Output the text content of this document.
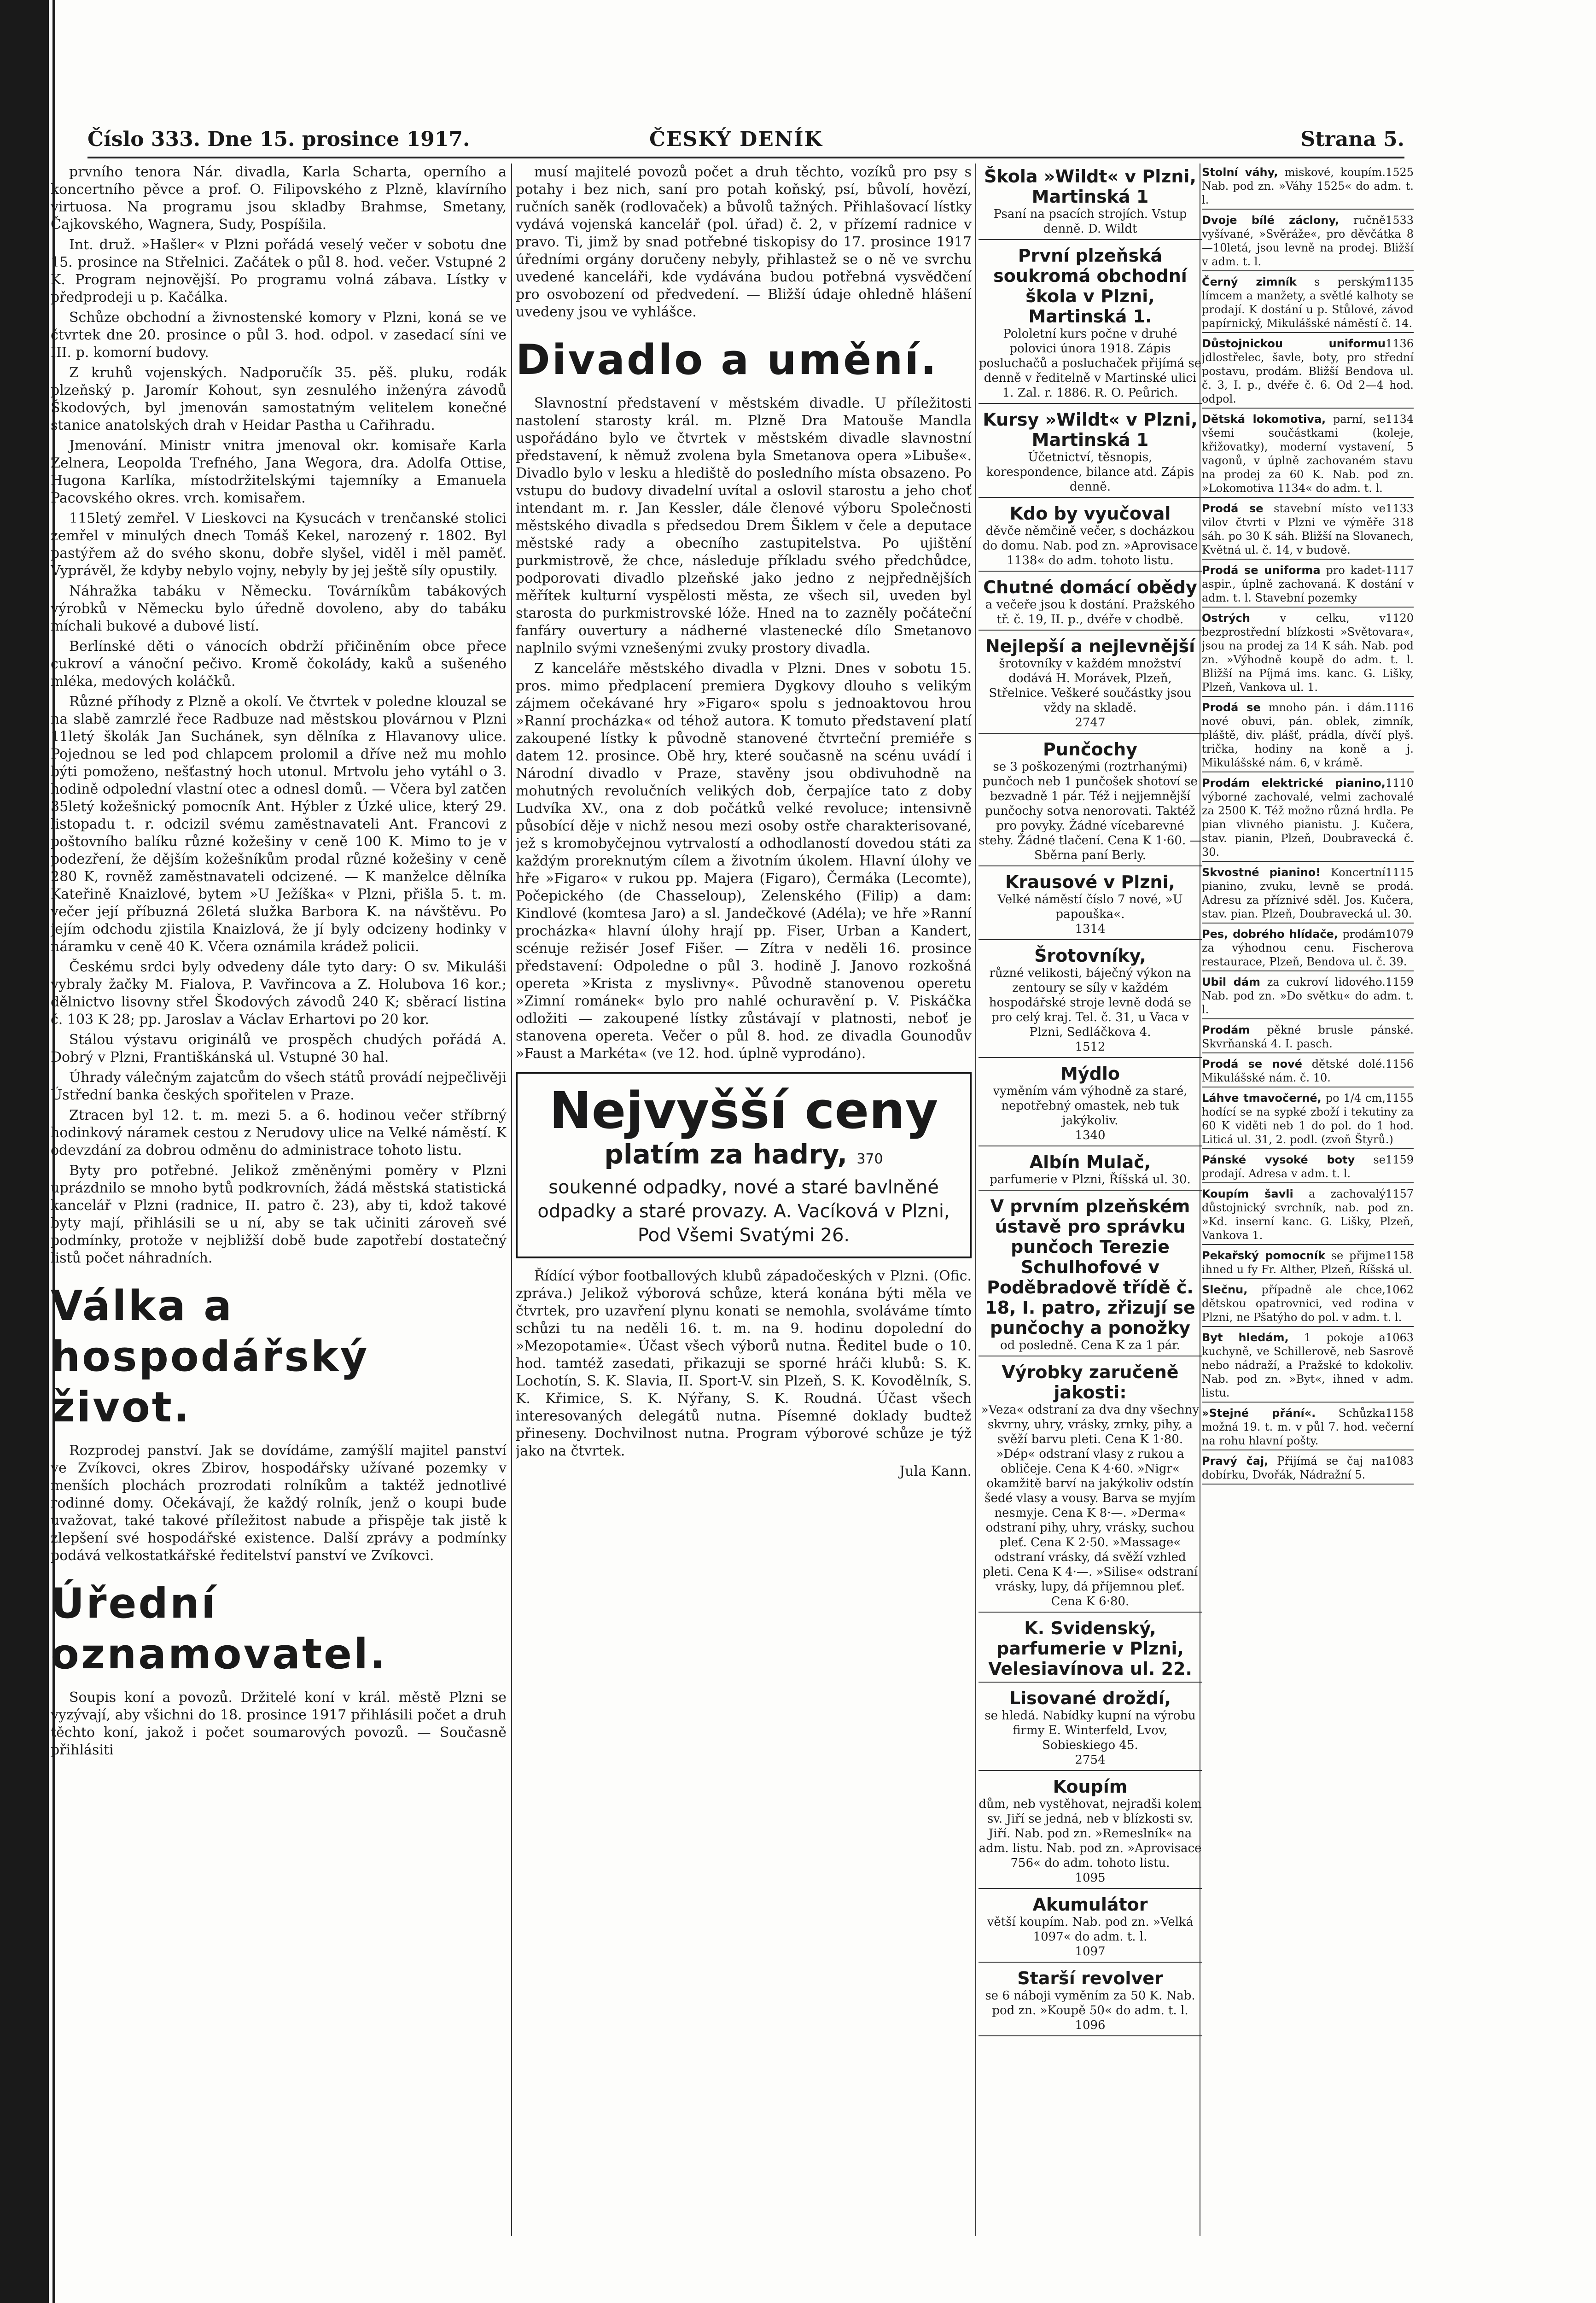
Číslo 333. Dne 15. prosince 1917.	ČESKÝ DENÍK	Strana 5.

prvního tenora Nár. divadla, Karla Scharta, operního a koncertního pěvce a prof. O. Filipovského z Plzně, klavírního virtuosa. Na programu jsou skladby Brahmse, Smetany, Čajkovského, Wagnera, Sudy, Pospíšila.

Int. druž. »Hašler« v Plzni pořádá veselý večer v sobotu dne 15. prosince na Střelnici. Začátek o půl 8. hod. večer. Vstupné 2 K. Program nejnovější. Po programu volná zábava. Lístky v předprodeji u p. Kačálka.

Schůze obchodní a živnostenské komory v Plzni, koná se ve čtvrtek dne 20. prosince o půl 3. hod. odpol. v zasedací síni ve III. p. komorní budovy.

Z kruhů vojenských. Nadporučík 35. pěš. pluku, rodák plzeňský p. Jaromír Kohout, syn zesnulého inženýra závodů Škodových, byl jmenován samostatným velitelem konečné stanice anatolských drah v Heidar Pastha u Cařihradu.

Jmenování. Ministr vnitra jmenoval okr. komisaře Karla Zelnera, Leopolda Trefného, Jana Wegora, dra. Adolfa Ottise, Hugona Karlíka, místodržitelskými tajemníky a Emanuela Pacovského okres. vrch. komisařem.

115letý zemřel. V Lieskovci na Kysucách v trenčanské stolici zemřel v minulých dnech Tomáš Kekel, narozený r. 1802. Byl pastýřem až do svého skonu, dobře slyšel, viděl i měl paměť. Vyprávěl, že kdyby nebylo vojny, nebyly by jej ještě síly opustily.

Náhražka tabáku v Německu. Továrníkům tabákových výrobků v Německu bylo úředně dovoleno, aby do tabáku míchali bukové a dubové listí.

Berlínské děti o vánocích obdrží přičiněním obce přece cukroví a vánoční pečivo. Kromě čokolády, kaků a sušeného mléka, medových koláčků.

Různé příhody z Plzně a okolí. Ve čtvrtek v poledne klouzal se na slabě zamrzlé řece Radbuze nad městskou plovárnou v Plzni 11letý školák Jan Suchánek, syn dělníka z Hlavanovy ulice. Pojednou se led pod chlapcem prolomil a dříve než mu mohlo býti pomoženo, nešťastný hoch utonul. Mrtvolu jeho vytáhl o 3. hodině odpolední vlastní otec a odnesl domů. — Včera byl zatčen 35letý kožešnický pomocník Ant. Hýbler z Úzké ulice, který 29. listopadu t. r. odcizil svému zaměstnavateli Ant. Francovi z poštovního balíku různé kožešiny v ceně 100 K. Mimo to je v podezření, že dějším kožešníkům prodal různé kožešiny v ceně 280 K, rovněž zaměstnavateli odcizené. — K manželce dělníka Kateřině Knaizlové, bytem »U Ježíška« v Plzni, přišla 5. t. m. večer její příbuzná 26letá služka Barbora K. na návštěvu. Po jejím odchodu zjistila Knaizlová, že jí byly odcizeny hodinky v náramku v ceně 40 K. Včera oznámila krádež policii.

Českému srdci byly odvedeny dále tyto dary: O sv. Mikuláši vybraly žačky M. Fialova, P. Vavřincova a Z. Holubova 16 kor.; dělnictvo lisovny střel Škodových závodů 240 K; sběrací listina č. 103 K 28; pp. Jaroslav a Václav Erhartovi po 20 kor.

Stálou výstavu originálů ve prospěch chudých pořádá A. Dobrý v Plzni, Františkánská ul. Vstupné 30 hal.

Úhrady válečným zajatcům do všech států provádí nejpečlivěji Ústřední banka českých spořitelen v Praze.

Ztracen byl 12. t. m. mezi 5. a 6. hodinou večer stříbrný hodinkový náramek cestou z Nerudovy ulice na Velké náměstí. K odevzdání za dobrou odměnu do administrace tohoto listu.

Byty pro potřebné. Jelikož změněnými poměry v Plzni uprázdnilo se mnoho bytů podkrovních, žádá městská statistická kancelář v Plzni (radnice, II. patro č. 23), aby ti, kdož takové byty mají, přihlásili se u ní, aby se tak učiniti zároveň své podmínky, protože v nejbližší době bude zapotřebí dostatečný listů počet náhradních.

Válka a hospodářský život.

Rozprodej panství. Jak se dovídáme, zamýšlí majitel panství ve Zvíkovci, okres Zbirov, hospodářsky užívané pozemky v menších plochách prozrodati rolníkům a taktéž jednotlivé rodinné domy. Očekávají, že každý rolník, jenž o koupi bude uvažovat, také takové příležitost nabude a přispěje tak jistě k zlepšení své hospodářské existence. Další zprávy a podmínky podává velkostatkářské ředitelství panství ve Zvíkovci.

Úřední oznamovatel.

Soupis koní a povozů. Držitelé koní v král. městě Plzni se vyzývají, aby všichni do 18. prosince 1917 přihlásili počet a druh těchto koní, jakož i počet soumarových povozů. — Současně přihlásiti

musí majitelé povozů počet a druh těchto, vozíků pro psy s potahy i bez nich, saní pro potah koňský, psí, bůvolí, hovězí, ručních saněk (rodlovaček) a bůvolů tažných. Přihlašovací lístky vydává vojenská kancelář (pol. úřad) č. 2, v přízemí radnice v pravo. Ti, jimž by snad potřebné tiskopisy do 17. prosince 1917 úředními orgány doručeny nebyly, přihlastež se o ně ve svrchu uvedené kanceláři, kde vydávána budou potřebná vysvědčení pro osvobození od předvedení. — Bližší údaje ohledně hlášení uvedeny jsou ve vyhlášce.

Divadlo a umění.

Slavnostní představení v městském divadle. U příležitosti nastolení starosty král. m. Plzně Dra Matouše Mandla uspořádáno bylo ve čtvrtek v městském divadle slavnostní představení, k němuž zvolena byla Smetanova opera »Libuše«. Divadlo bylo v lesku a hlediště do posledního místa obsazeno. Po vstupu do budovy divadelní uvítal a oslovil starostu a jeho choť intendant m. r. Jan Kessler, dále členové výboru Společnosti městského divadla s předsedou Drem Šiklem v čele a deputace městské rady a obecního zastupitelstva. Po ujištění purkmistrově, že chce, následuje příkladu svého předchůdce, podporovati divadlo plzeňské jako jedno z nejpřednějších měřítek kulturní vyspělosti města, ze všech sil, uveden byl starosta do purkmistrovské lóže. Hned na to zazněly počáteční fanfáry ouvertury a nádherné vlastenecké dílo Smetanovo naplnilo svými vznešenými zvuky prostory divadla.

Z kanceláře městského divadla v Plzni. Dnes v sobotu 15. pros. mimo předplacení premiera Dygkovy dlouho s velikým zájmem očekávané hry »Figaro« spolu s jednoaktovou hrou »Ranní procházka« od téhož autora. K tomuto představení platí zakoupené lístky k původně stanovené čtvrteční premiéře s datem 12. prosince. Obě hry, které současně na scénu uvádí i Národní divadlo v Praze, stavěny jsou obdivuhodně na mohutných revolučních velikých dob, čerpajíce tato z doby Ludvíka XV., ona z dob počátků velké revoluce; intensivně působící děje v nichž nesou mezi osoby ostře charakterisované, jež s kromobyčejnou vytrvalostí a odhodlaností dovedou státi za každým proreknutým cílem a životním úkolem. Hlavní úlohy ve hře »Figaro« v rukou pp. Majera (Figaro), Čermáka (Lecomte), Počepického (de Chasseloup), Zelenského (Filip) a dam: Kindlové (komtesa Jaro) a sl. Jandečkové (Adéla); ve hře »Ranní procházka« hlavní úlohy hrají pp. Fiser, Urban a Kandert, scénuje režisér Josef Fišer. — Zítra v neděli 16. prosince představení: Odpoledne o půl 3. hodině J. Janovo rozkošná opereta »Krista z myslivny«. Původně stanovenou operetu »Zimní románek« bylo pro nahlé ochuravění p. V. Piskáčka odložiti — zakoupené lístky zůstávají v platnosti, neboť je stanovena opereta. Večer o půl 8. hod. ze divadla Gounodův »Faust a Markéta« (ve 12. hod. úplně vyprodáno).

Nejvyšší ceny
platím za hadry, 370
soukenné odpadky, nové a staré bavlněné odpadky a staré provazy. A. Vacíková v Plzni, Pod Všemi Svatými 26.

Řídící výbor footballových klubů západočeských v Plzni. (Ofic. zpráva.) Jelikož výborová schůze, která konána býti měla ve čtvrtek, pro uzavření plynu konati se nemohla, svoláváme tímto schůzi tu na neděli 16. t. m. na 9. hodinu dopolední do »Mezopotamie«. Účast všech výborů nutna. Ředitel bude o 10. hod. tamtéž zasedati, přikazuji se sporné hráči klubů: S. K. Lochotín, S. K. Slavia, II. Sport-V. sin Plzeň, S. K. Kovodělník, S. K. Křimice, S. K. Nýřany, S. K. Roudná. Účast všech interesovaných delegátů nutna. Písemné doklady budtež přineseny. Dochvilnost nutna. Program výborové schůze je týž jako na čtvrtek.

Jula Kann.
Škola »Wildt« v Plzni, Martinská 1
Psaní na psacích strojích. Vstup denně. D. Wildt
První plzeňská soukromá obchodní škola v Plzni, Martinská 1.
Pololetní kurs počne v druhé polovici února 1918. Zápis posluchačů a posluchaček přijímá se denně v ředitelně v Martinské ulici 1. Zal. r. 1886. R. O. Peůrich.
Kursy »Wildt« v Plzni, Martinská 1
Účetnictví, těsnopis, korespondence, bilance atd. Zápis denně.
Kdo by vyučoval
děvče němčině večer, s docházkou do domu. Nab. pod zn. »Aprovisace 1138« do adm. tohoto listu.
Chutné domácí obědy
a večeře jsou k dostání. Pražského tř. č. 19, II. p., dvéře v chodbě.
Nejlepší a nejlevnější
šrotovníky v každém množství dodává H. Morávek, Plzeň, Střelnice. Veškeré součástky jsou vždy na skladě.
2747
Punčochy
se 3 poškozenými (roztrhanými) punčoch neb 1 punčošek shotoví se bezvadně 1 pár. Též i nejjemnější punčochy sotva nenorovati. Taktéž pro povyky. Žádné vícebarevné stehy. Žádné tlačení. Cena K 1·60. — Sběrna paní Berly.
Krausové v Plzni,
Velké náměstí číslo 7 nové, »U papouška«.
1314
Šrotovníky,
různé velikosti, báječný výkon na zentoury se síly v každém hospodářské stroje levně dodá se pro celý kraj. Tel. č. 31, u Vaca v Plzni, Sedláčkova 4.
1512
Mýdlo
vyměním vám výhodně za staré, nepotřebný omastek, neb tuk jakýkoliv.
1340
Albín Mulač,
parfumerie v Plzni, Říšská ul. 30.
V prvním plzeňském ústavě pro správku punčoch Terezie Schulhofové v Poděbradově třídě č. 18, I. patro, zřizují se punčochy a ponožky
od posledně. Cena K za 1 pár.
Výrobky zaručeně jakosti:
»Veza« odstraní za dva dny všechny skvrny, uhry, vrásky, zrnky, pihy, a svěží barvu pleti. Cena K 1·80. »Dép« odstraní vlasy z rukou a obličeje. Cena K 4·60. »Nigr« okamžitě barví na jakýkoliv odstín šedé vlasy a vousy. Barva se myjím nesmyje. Cena K 8·—. »Derma« odstraní pihy, uhry, vrásky, suchou pleť. Cena K 2·50. »Massage« odstraní vrásky, dá svěží vzhled pleti. Cena K 4·—. »Silise« odstraní vrásky, lupy, dá příjemnou pleť. Cena K 6·80.
K. Svidenský, parfumerie v Plzni, Velesiavínova ul. 22.
Lisované droždí,
se hledá. Nabídky kupní na výrobu firmy E. Winterfeld, Lvov, Sobieskiego 45.
2754
Koupím
dům, neb vystěhovat, nejradši kolem sv. Jiří se jedná, neb v blízkosti sv. Jiří. Nab. pod zn. »Remeslník« na adm. listu. Nab. pod zn. »Aprovisace 756« do adm. tohoto listu.
1095
Akumulátor
větší koupím. Nab. pod zn. »Velká 1097« do adm. t. l.
1097
Starší revolver
se 6 náboji vyměním za 50 K. Nab. pod zn. »Koupě 50« do adm. t. l.
1096
1525
Stolní váhy, miskové, koupím. Nab. pod zn. »Váhy 1525« do adm. t. l.
1533
Dvoje bílé záclony, ručně vyšívané, »Svěráže«, pro děvčátka 8—10letá, jsou levně na prodej. Bližší v adm. t. l.
1135
Černý zimník s perským límcem a manžety, a světlé kalhoty se prodají. K dostání u p. Stůlové, závod papírnický, Mikulášské náměstí č. 14.
1136
Důstojnickou uniformu jdlostřelec, šavle, boty, pro střední postavu, prodám. Bližší Bendova ul. č. 3, I. p., dvéře č. 6. Od 2—4 hod. odpol.
1134
Dětská lokomotiva, parní, se všemi součástkami (koleje, křižovatky), moderní vystavení, 5 vagonů, v úplně zachovaném stavu na prodej za 60 K. Nab. pod zn. »Lokomotiva 1134« do adm. t. l.
1133
Prodá se stavební místo ve vilov čtvrti v Plzni ve výměře 318 sáh. po 30 K sáh. Bližší na Slovanech, Květná ul. č. 14, v budově.
1117
Prodá se uniforma pro kadet-aspir., úplně zachovaná. K dostání v adm. t. l. Stavební pozemky
1120
Ostrých	v celku, v bezprostřední blízkosti »Světovara«, jsou na prodej za 14 K sáh. Nab. pod zn. »Výhodně koupě do adm. t. l. Bližší na Píjmá ims. kanc. G. Lišky, Plzeň, Vankova ul. 1.
1116
Prodá se mnoho pán. i dám. nové obuvi, pán. oblek, zimník, pláště, div. plášť, prádla, dívčí plyš. trička, hodiny na koně a j. Mikulášské nám. 6, v krámě.
1110
Prodám elektrické pianino, výborné zachovalé, velmi zachovalé za 2500 K. Též možno různá hrdla. Pe pian vlivného pianistu. J. Kučera, stav. pianin, Plzeň, Doubravecká č. 30.
1115
Skvostné pianino! Koncertní pianino, zvuku, levně se prodá. Adresu za příznivé sděl. Jos. Kučera, stav. pian. Plzeň, Doubravecká ul. 30.
1079
Pes, dobrého hlídače, prodám za výhodnou cenu. Fischerova restaurace, Plzeň, Bendova ul. č. 39.
1159
Ubil dám za cukroví lidového. Nab. pod zn. »Do světku« do adm. t. l.
Prodám pěkné brusle pánské. Skvrňanská 4. I. pasch.
1156
Prodá se nové dětské dolé. Mikulášské nám. č. 10.
1155
Láhve tmavočerné, po 1/4 cm, hodící se na sypké zboží i tekutiny za 60 K viděti neb 1 do pol. do 1 hod. Liticá ul. 31, 2. podl. (zvoň Štyrů.)
1159
Pánské vysoké boty se prodají. Adresa v adm. t. l.
1157
Koupím šavli a zachovalý důstojnický svrchník, nab. pod zn. »Kd. inserní kanc. G. Lišky, Plzeň, Vankova 1.
1158
Pekařský pomocník se přijme ihned u fy Fr. Alther, Plzeň, Říšská ul.
1062
Slečnu, případně ale chce, dětskou opatrovnici, ved rodina v Plzni, ne Pšatýho do pol. v adm. t. l.
1063
Byt hledám, 1 pokoje a kuchyně, ve Schillerově, neb Sasrově nebo nádraží, a Pražské to kdokoliv. Nab. pod zn. »Byt«, ihned v adm. listu.
1158
»Stejné přání«. Schůzka možná 19. t. m. v půl 7. hod. večerní na rohu hlavní pošty.
1083
Pravý čaj, Přijímá se čaj na dobírku, Dvořák, Nádražní 5.
